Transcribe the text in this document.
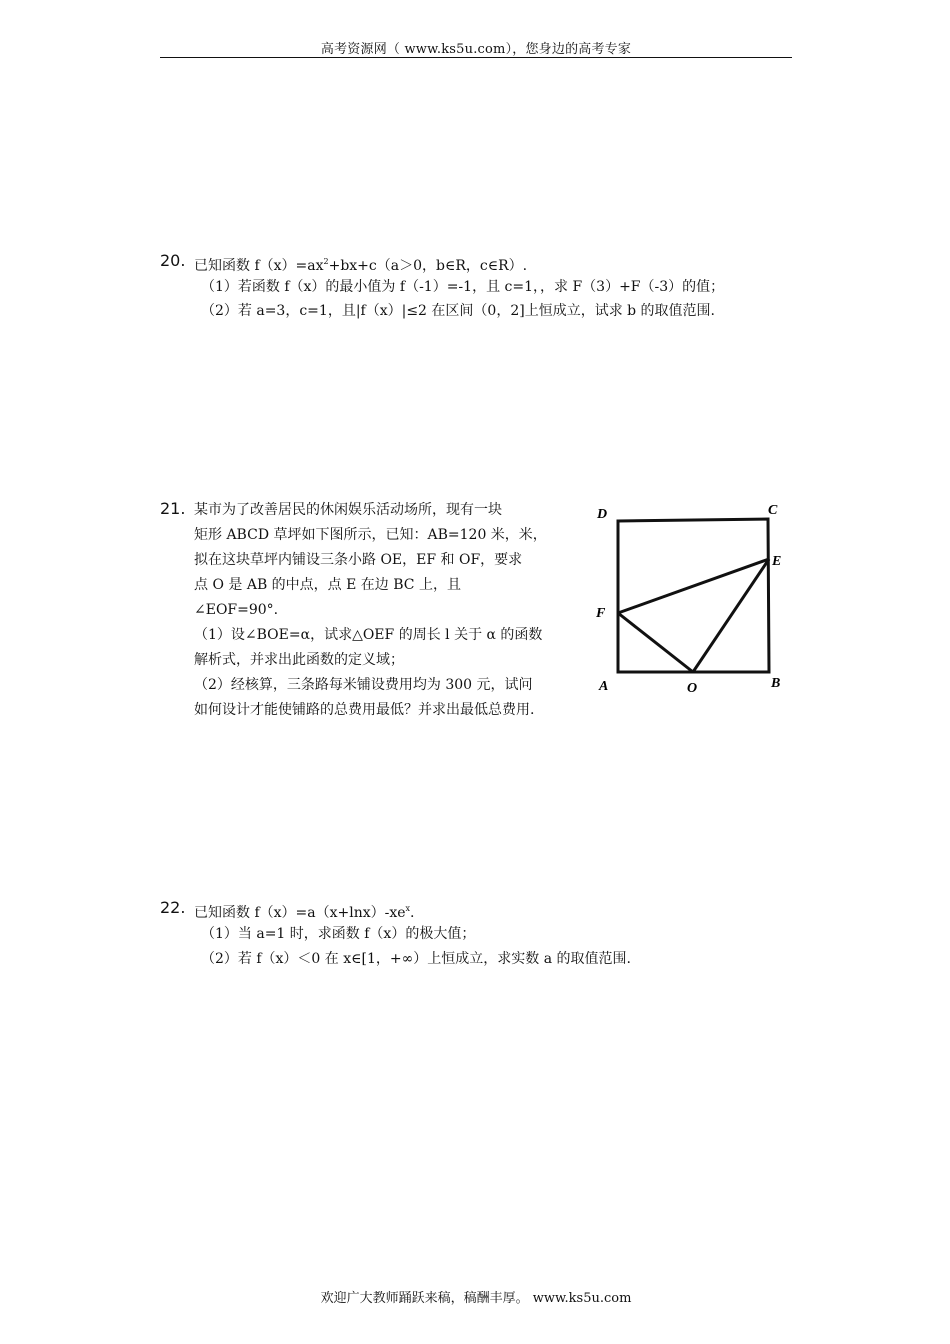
高考资源网（ www.ks5u.com），您身边的高考专家
20. 已知函数 $f(x)=ax^2+bx+c(a>0$，b∈R，c∈R）.
（1）若函数 f（x）的最小值为 f（-1）=-1，且 c=1，，求 F（3）+F（-3）的值；
（2）若 a=3，c=1，且|f（x）|≤2 在区间（0，2]上恒成立，试求 b 的取值范围.
21. 某市为了改善居民的休闲娱乐活动场所，现有一块
矩形 ABCD 草坪如下图所示，已知：AB=120 米，米，
拟在这块草坪内铺设三条小路 OE，EF 和 OF，要求
点 O 是 AB 的中点，点 E 在边 BC 上，且
∠EOF=90°.
（1）设∠BOE=α，试求△OEF 的周长 l 关于 α 的函数
解析式，并求出此函数的定义域；
（2）经核算，三条路每米铺设费用均为 300 元，试问
如何设计才能使铺路的总费用最低？并求出最低总费用.
D	C
E
F
A	O	B
22. 已知函数 $f(x)=a(x+\ln x)-xe^x$.
（1）当 a=1 时，求函数 f（x）的极大值；
（2）若 f（x）＜0 在 x∈[1，+∞）上恒成立，求实数 a 的取值范围.
欢迎广大教师踊跃来稿，稿酬丰厚。 www.ks5u.com
